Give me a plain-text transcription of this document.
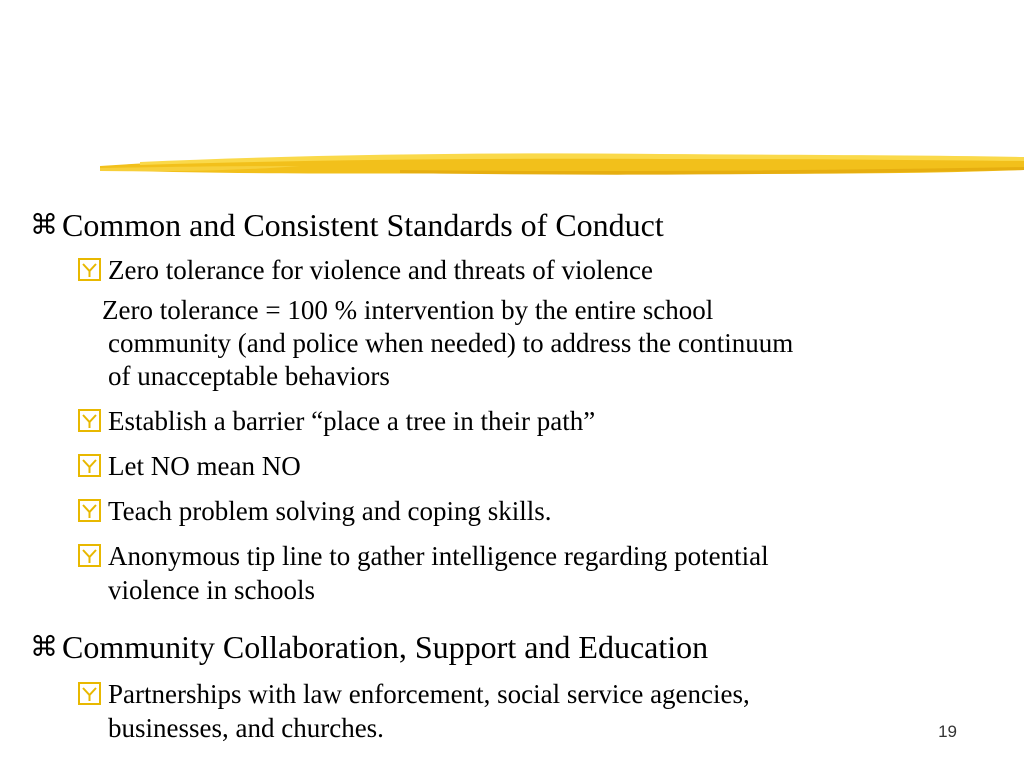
⌘ Common and Consistent Standards of Conduct
Zero tolerance for violence and threats of violence
Zero tolerance = 100 % intervention by the entire school
community (and police when needed) to address the continuum
of unacceptable behaviors
Establish a barrier “place a tree in their path”
Let NO mean NO
Teach problem solving and coping skills.
Anonymous tip line to gather intelligence regarding potential
violence in schools
⌘ Community Collaboration, Support and Education
Partnerships with law enforcement, social service agencies,
businesses, and churches.	19
